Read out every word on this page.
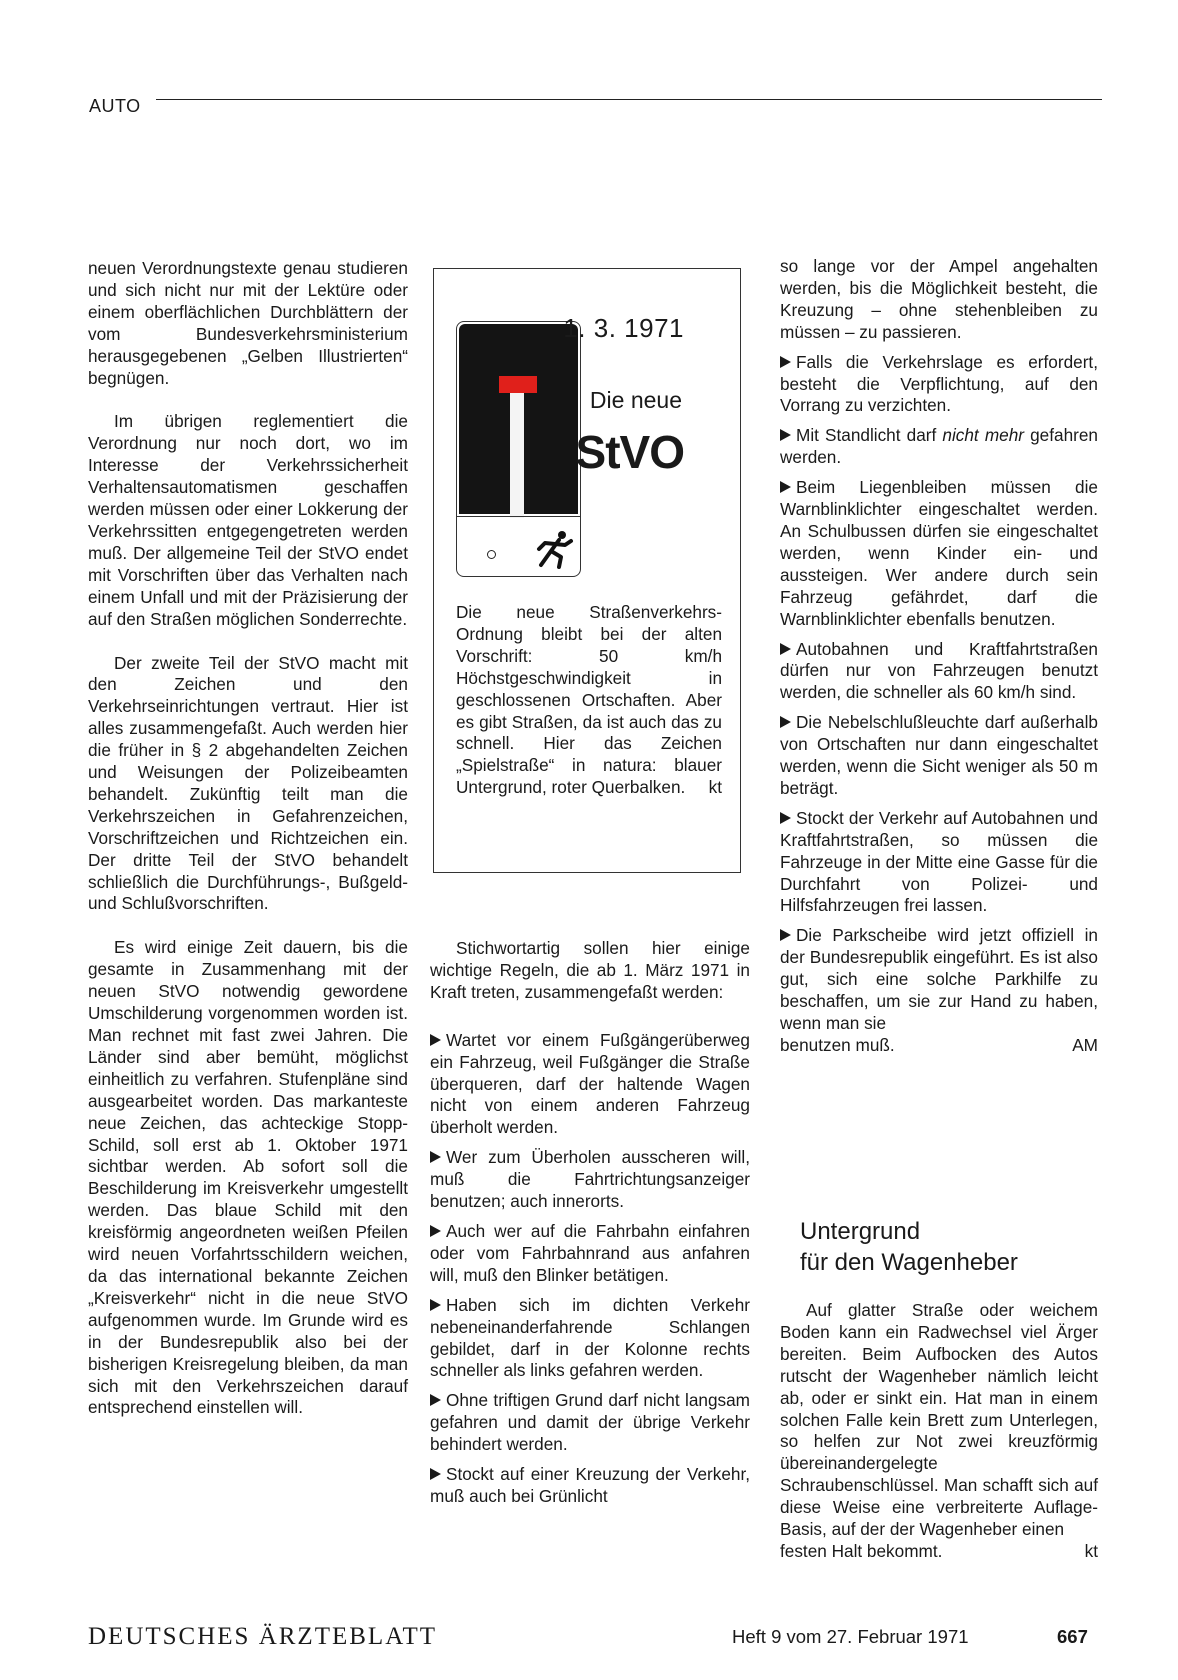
AUTO

neuen Verordnungstexte genau studieren und sich nicht nur mit der Lektüre oder einem oberflächlichen Durchblättern der vom Bundesverkehrsministerium herausgegebenen „Gelben Illustrierten“ begnügen.

Im übrigen reglementiert die Verordnung nur noch dort, wo im Interesse der Verkehrssicherheit Verhaltensautomatismen geschaffen werden müssen oder einer Lokkerung der Verkehrssitten entgegengetreten werden muß. Der allgemeine Teil der StVO endet mit Vorschriften über das Verhalten nach einem Unfall und mit der Präzisierung der auf den Straßen möglichen Sonderrechte.

Der zweite Teil der StVO macht mit den Zeichen und den Verkehrseinrichtungen vertraut. Hier ist alles zusammengefaßt. Auch werden hier die früher in § 2 abgehandelten Zeichen und Weisungen der Polizeibeamten behandelt. Zukünftig teilt man die Verkehrszeichen in Gefahrenzeichen, Vorschriftzeichen und Richtzeichen ein. Der dritte Teil der StVO behandelt schließlich die Durchführungs-, Bußgeld- und Schlußvorschriften.

Es wird einige Zeit dauern, bis die gesamte in Zusammenhang mit der neuen StVO notwendig gewordene Umschilderung vorgenommen worden ist. Man rechnet mit fast zwei Jahren. Die Länder sind aber bemüht, möglichst einheitlich zu verfahren. Stufenpläne sind ausgearbeitet worden. Das markanteste neue Zeichen, das achteckige Stopp-Schild, soll erst ab 1. Oktober 1971 sichtbar werden. Ab sofort soll die Beschilderung im Kreisverkehr umgestellt werden. Das blaue Schild mit den kreisförmig angeordneten weißen Pfeilen wird neuen Vorfahrtsschildern weichen, da das international bekannte Zeichen „Kreisverkehr“ nicht in die neue StVO aufgenommen wurde. Im Grunde wird es in der Bundesrepublik also bei der bisherigen Kreisregelung bleiben, da man sich mit den Verkehrszeichen darauf entsprechend einstellen will.

1. 3. 1971
Die neue
StVO
Die neue Straßenverkehrs-Ordnung bleibt bei der alten Vorschrift: 50 km/h Höchstgeschwindigkeit in geschlossenen Ortschaften. Aber es gibt Straßen, da ist auch das zu schnell. Hier das Zeichen „Spielstraße“ in natura: blauer Untergrund, roter Querbalken. kt

Stichwortartig sollen hier einige wichtige Regeln, die ab 1. März 1971 in Kraft treten, zusammengefaßt werden:

Wartet vor einem Fußgängerüberweg ein Fahrzeug, weil Fußgänger die Straße überqueren, darf der haltende Wagen nicht von einem anderen Fahrzeug überholt werden.

Wer zum Überholen ausscheren will, muß die Fahrtrichtungsanzeiger benutzen; auch innerorts.

Auch wer auf die Fahrbahn einfahren oder vom Fahrbahnrand aus anfahren will, muß den Blinker betätigen.

Haben sich im dichten Verkehr nebeneinanderfahrende Schlangen gebildet, darf in der Kolonne rechts schneller als links gefahren werden.

Ohne triftigen Grund darf nicht langsam gefahren und damit der übrige Verkehr behindert werden.

Stockt auf einer Kreuzung der Verkehr, muß auch bei Grünlicht

so lange vor der Ampel angehalten werden, bis die Möglichkeit besteht, die Kreuzung – ohne stehenbleiben zu müssen – zu passieren.

Falls die Verkehrslage es erfordert, besteht die Verpflichtung, auf den Vorrang zu verzichten.

Mit Standlicht darf nicht mehr gefahren werden.

Beim Liegenbleiben müssen die Warnblinklichter eingeschaltet werden. An Schulbussen dürfen sie eingeschaltet werden, wenn Kinder ein- und aussteigen. Wer andere durch sein Fahrzeug gefährdet, darf die Warnblinklichter ebenfalls benutzen.

Autobahnen und Kraftfahrtstraßen dürfen nur von Fahrzeugen benutzt werden, die schneller als 60 km/h sind.

Die Nebelschlußleuchte darf außerhalb von Ortschaften nur dann eingeschaltet werden, wenn die Sicht weniger als 50 m beträgt.

Stockt der Verkehr auf Autobahnen und Kraftfahrtstraßen, so müssen die Fahrzeuge in der Mitte eine Gasse für die Durchfahrt von Polizei- und Hilfsfahrzeugen frei lassen.

Die Parkscheibe wird jetzt offiziell in der Bundesrepublik eingeführt. Es ist also gut, sich eine solche Parkhilfe zu beschaffen, um sie zur Hand zu haben, wenn man sie

benutzen muß.	AM
Untergrund
für den Wagenheber

Auf glatter Straße oder weichem Boden kann ein Radwechsel viel Ärger bereiten. Beim Aufbocken des Autos rutscht der Wagenheber nämlich leicht ab, oder er sinkt ein. Hat man in einem solchen Falle kein Brett zum Unterlegen, so helfen zur Not zwei kreuzförmig übereinandergelegte Schraubenschlüssel. Man schafft sich auf diese Weise eine verbreiterte Auflage-Basis, auf der der Wagenheber einen

festen Halt bekommt.	kt
DEUTSCHES ÄRZTEBLATT	Heft 9 vom 27. Februar 1971	667
